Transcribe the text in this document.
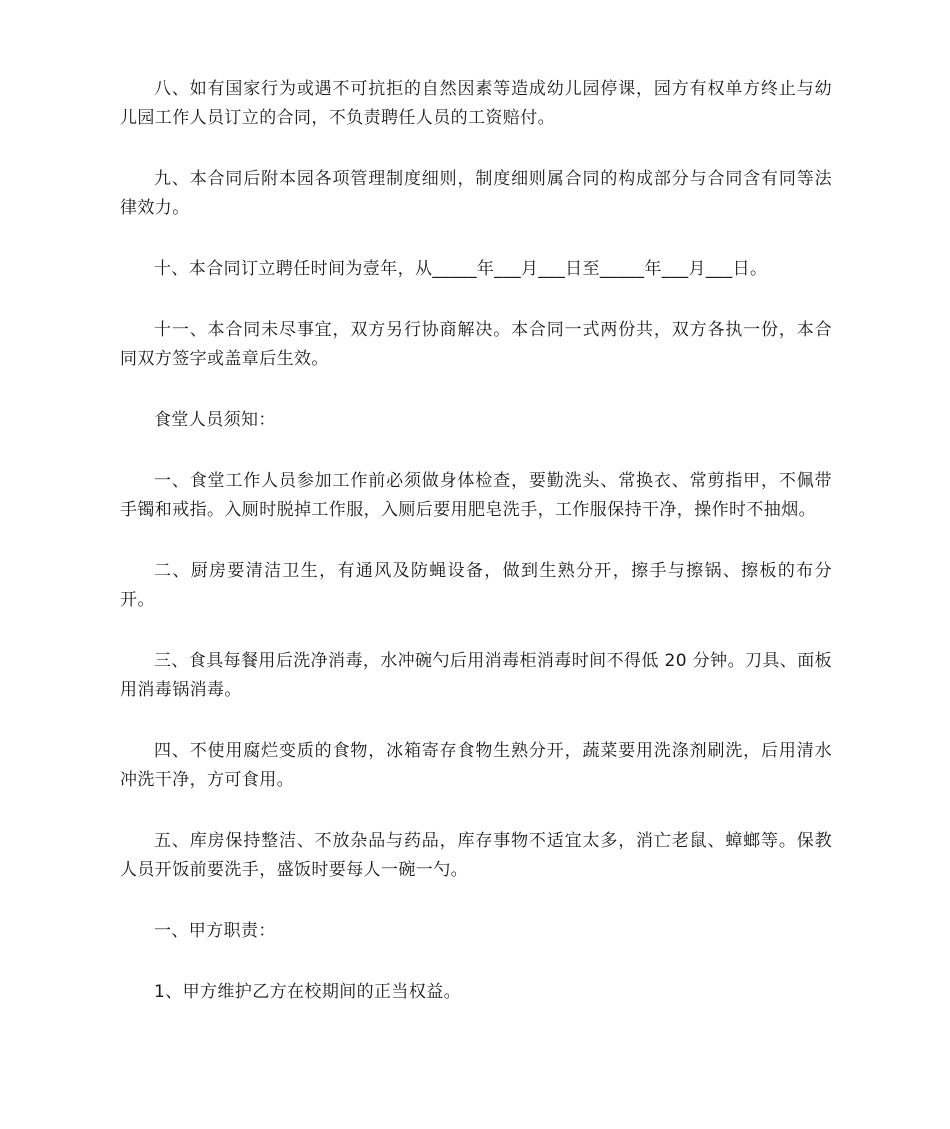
八、如有国家行为或遇不可抗拒的自然因素等造成幼儿园停课，园方有权单方终止与幼儿园工作人员订立的合同，不负责聘任人员的工资赔付。

九、本合同后附本园各项管理制度细则，制度细则属合同的构成部分与合同含有同等法律效力。

十、本合同订立聘任时间为壹年，从_____年___月___日至_____年___月___日。

十一、本合同未尽事宜，双方另行协商解决。本合同一式两份共，双方各执一份，本合同双方签字或盖章后生效。

食堂人员须知：

一、食堂工作人员参加工作前必须做身体检查，要勤洗头、常换衣、常剪指甲，不佩带手镯和戒指。入厕时脱掉工作服，入厕后要用肥皂洗手，工作服保持干净，操作时不抽烟。

二、厨房要清洁卫生，有通风及防蝇设备，做到生熟分开，擦手与擦锅、擦板的布分开。

三、食具每餐用后洗净消毒，水冲碗勺后用消毒柜消毒时间不得低 20 分钟。刀具、面板用消毒锅消毒。

四、不使用腐烂变质的食物，冰箱寄存食物生熟分开，蔬菜要用洗涤剂刷洗，后用清水冲洗干净，方可食用。

五、库房保持整洁、不放杂品与药品，库存事物不适宜太多，消亡老鼠、蟑螂等。保教人员开饭前要洗手，盛饭时要每人一碗一勺。

一、甲方职责：

1、甲方维护乙方在校期间的正当权益。
